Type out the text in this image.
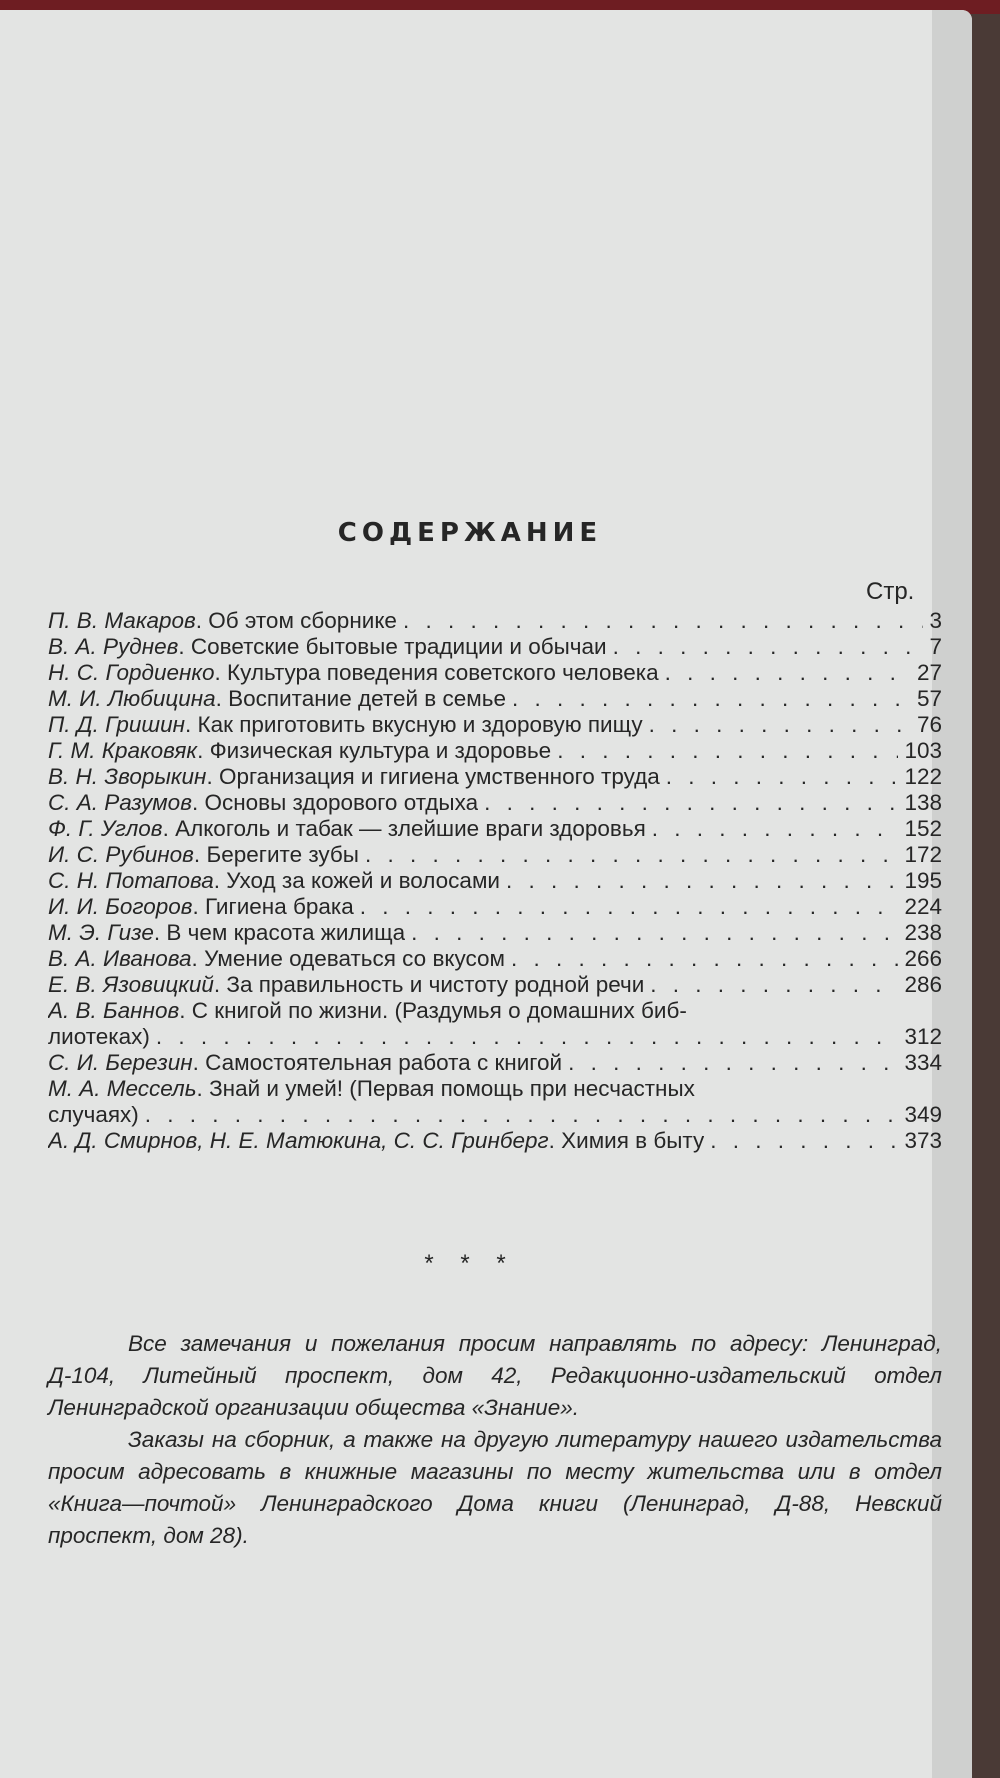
СОДЕРЖАНИЕ
Стр.
П. В. Макаров. Об этом сборнике . . .	3
В. А. Руднев. Советские бытовые традиции и обычаи . . .	7
Н. С. Гордиенко. Культура поведения советского человека . . .	27
М. И. Любицина. Воспитание детей в семье . . .	57
П. Д. Гришин. Как приготовить вкусную и здоровую пищу . . .	76
Г. М. Краковяк. Физическая культура и здоровье . . .	103
В. Н. Зворыкин. Организация и гигиена умственного труда . . .	122
С. А. Разумов. Основы здорового отдыха . . .	138
Ф. Г. Углов. Алкоголь и табак — злейшие враги здоровья . . .	152
И. С. Рубинов. Берегите зубы . . .	172
С. Н. Потапова. Уход за кожей и волосами . . .	195
И. И. Богоров. Гигиена брака . . .	224
М. Э. Гизе. В чем красота жилища . . .	238
В. А. Иванова. Умение одеваться со вкусом . . .	266
Е. В. Язовицкий. За правильность и чистоту родной речи . . .	286
А. В. Баннов. С книгой по жизни. (Раздумья о домашних биб-
лиотеках) . . .	312
С. И. Березин. Самостоятельная работа с книгой . . .	334
М. А. Мессель. Знай и умей! (Первая помощь при несчастных
случаях) . . .	349
А. Д. Смирнов, Н. Е. Матюкина, С. С. Гринберг. Химия в быту . . .	373
* * *

Все замечания и пожелания просим направлять по адресу: Ленинград, Д-104, Литейный проспект, дом 42, Редакционно-издательский отдел Ленинградской организации общества «Знание».

Заказы на сборник, а также на другую литературу нашего издательства просим адресовать в книжные магазины по месту жительства или в отдел «Книга—почтой» Ленинградского Дома книги (Ленинград, Д-88, Невский проспект, дом 28).
